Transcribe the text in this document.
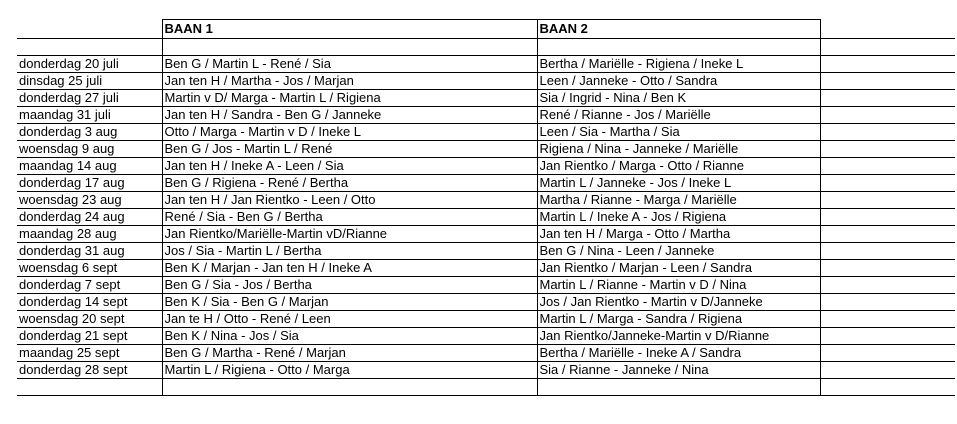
	BAAN 1	BAAN 2	

donderdag 20 juli	Ben G / Martin L - René / Sia	Bertha / Mariëlle - Rigiena / Ineke L	
dinsdag 25 juli	Jan ten H / Martha - Jos / Marjan	Leen / Janneke - Otto / Sandra	
donderdag 27 juli	Martin v D/ Marga - Martin L / Rigiena	Sia / Ingrid - Nina / Ben K	
maandag 31 juli	Jan ten H / Sandra - Ben G / Janneke	René / Rianne - Jos / Mariëlle	
donderdag 3 aug	Otto / Marga - Martin v D / Ineke L	Leen / Sia - Martha / Sia	
woensdag 9 aug	Ben G / Jos - Martin L / René	Rigiena / Nina - Janneke / Mariëlle	
maandag 14 aug	Jan ten H / Ineke A - Leen / Sia	Jan Rientko / Marga - Otto / Rianne	
donderdag 17 aug	Ben G / Rigiena - René / Bertha	Martin L / Janneke - Jos / Ineke L	
woensdag 23 aug	Jan ten H / Jan Rientko - Leen / Otto	Martha / Rianne - Marga / Mariëlle	
donderdag 24 aug	René / Sia - Ben G / Bertha	Martin L / Ineke A - Jos / Rigiena	
maandag 28 aug	Jan Rientko/Mariëlle-Martin vD/Rianne	Jan ten H / Marga - Otto / Martha	
donderdag 31 aug	Jos / Sia - Martin L / Bertha	Ben G / Nina - Leen / Janneke	
woensdag 6 sept	Ben K / Marjan - Jan ten H / Ineke A	Jan Rientko / Marjan - Leen / Sandra	
donderdag 7 sept	Ben G / Sia - Jos / Bertha	Martin L / Rianne - Martin v D / Nina	
donderdag 14 sept	Ben K / Sia - Ben G / Marjan	Jos / Jan Rientko - Martin v D/Janneke	
woensdag 20 sept	Jan te H / Otto - René / Leen	Martin L / Marga - Sandra / Rigiena	
donderdag 21 sept	Ben K / Nina - Jos / Sia	Jan Rientko/Janneke-Martin v D/Rianne	
maandag 25 sept	Ben G / Martha - René / Marjan	Bertha / Mariëlle - Ineke A / Sandra	
donderdag 28 sept	Martin L / Rigiena - Otto / Marga	Sia / Rianne - Janneke / Nina	
